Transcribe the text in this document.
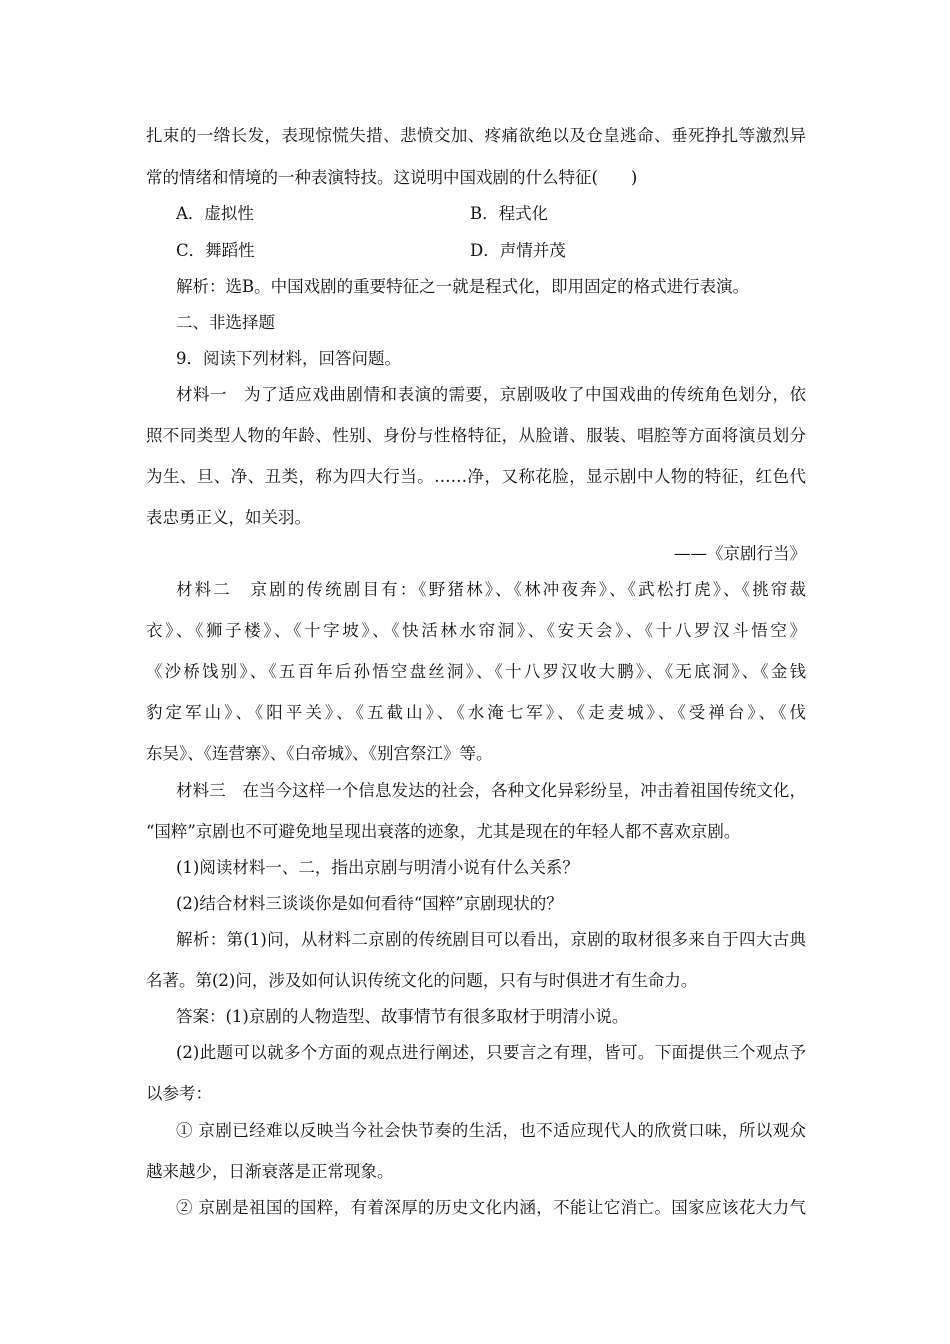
扎束的一绺长发，表现惊慌失措、悲愤交加、疼痛欲绝以及仓皇逃命、垂死挣扎等激烈异
常的情绪和情境的一种表演特技。这说明中国戏剧的什么特征(　　)
A．虚拟性	B．程式化
C．舞蹈性	D．声情并茂
解析：选B。中国戏剧的重要特征之一就是程式化，即用固定的格式进行表演。
二、非选择题
9．阅读下列材料，回答问题。
材料一　为了适应戏曲剧情和表演的需要，京剧吸收了中国戏曲的传统角色划分，依
照不同类型人物的年龄、性别、身份与性格特征，从脸谱、服装、唱腔等方面将演员划分
为生、旦、净、丑类，称为四大行当。……净，又称花脸，显示剧中人物的特征，红色代
表忠勇正义，如关羽。
——《京剧行当》
材料二　京剧的传统剧目有：《野猪林》、《林冲夜奔》、《武松打虎》、《挑帘裁
衣》、《狮子楼》、《十字坡》、《快活林水帘洞》、《安天会》、《十八罗汉斗悟空》
《沙桥饯别》、《五百年后孙悟空盘丝洞》、《十八罗汉收大鹏》、《无底洞》、《金钱
豹定军山》、《阳平关》、《五截山》、《水淹七军》、《走麦城》、《受禅台》、《伐
东吴》、《连营寨》、《白帝城》、《别宫祭江》等。
材料三　在当今这样一个信息发达的社会，各种文化异彩纷呈，冲击着祖国传统文化，
“国粹”京剧也不可避免地呈现出衰落的迹象，尤其是现在的年轻人都不喜欢京剧。
(1)阅读材料一、二，指出京剧与明清小说有什么关系？
(2)结合材料三谈谈你是如何看待“国粹”京剧现状的？
解析：第(1)问，从材料二京剧的传统剧目可以看出，京剧的取材很多来自于四大古典
名著。第(2)问，涉及如何认识传统文化的问题，只有与时俱进才有生命力。
答案：(1)京剧的人物造型、故事情节有很多取材于明清小说。
(2)此题可以就多个方面的观点进行阐述，只要言之有理，皆可。下面提供三个观点予
以参考：
① 京剧已经难以反映当今社会快节奏的生活，也不适应现代人的欣赏口味，所以观众
越来越少，日渐衰落是正常现象。
② 京剧是祖国的国粹，有着深厚的历史文化内涵，不能让它消亡。国家应该花大力气
